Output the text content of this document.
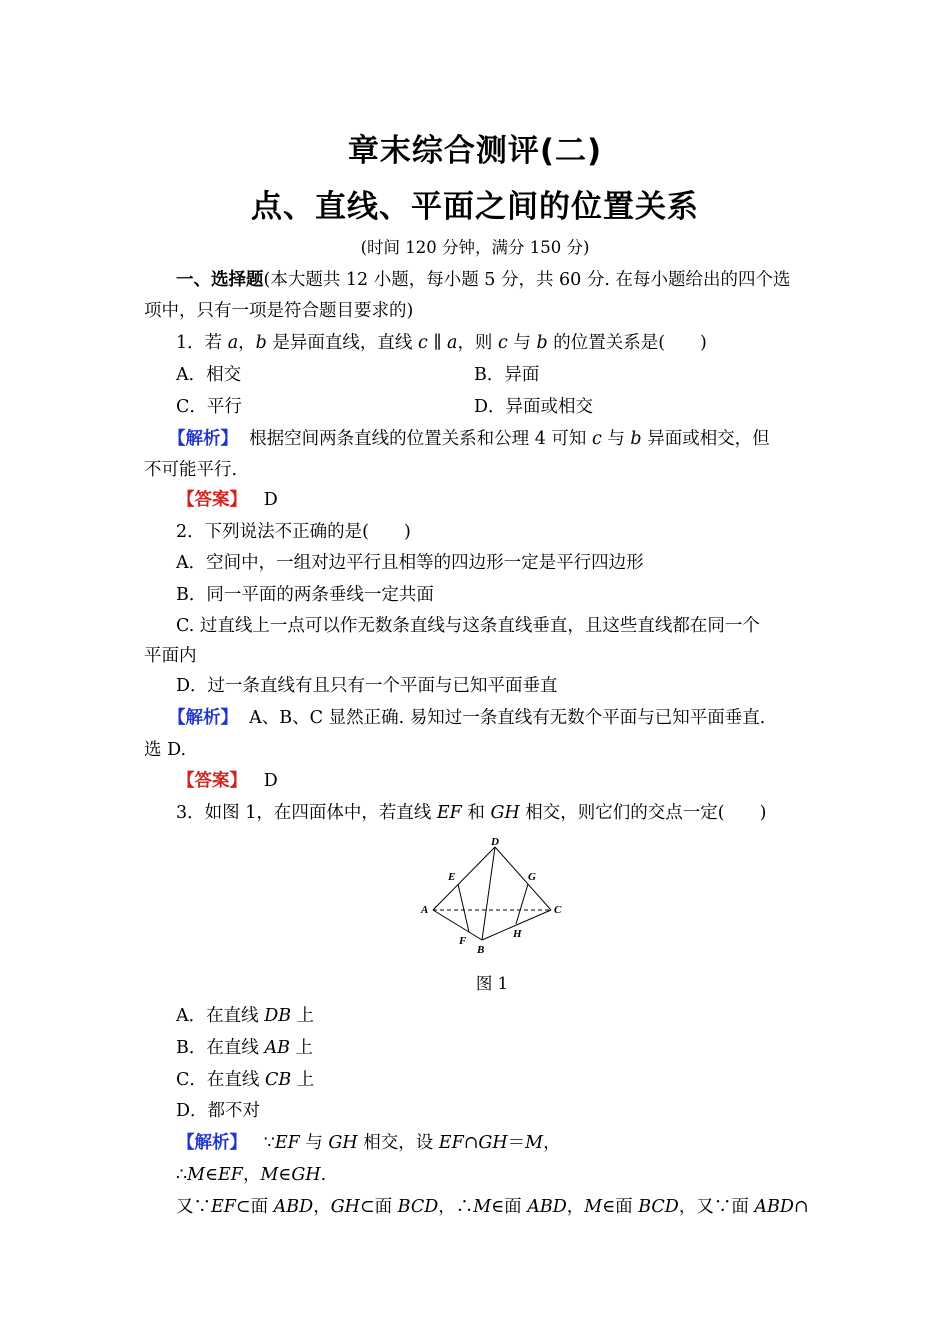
章末综合测评(二)
点、直线、平面之间的位置关系
(时间 120 分钟，满分 150 分)
一、选择题(本大题共 12 小题，每小题 5 分，共 60 分. 在每小题给出的四个选
项中，只有一项是符合题目要求的)
1．若 a，b 是异面直线，直线 c ∥ a，则 c 与 b 的位置关系是(　　)
A．相交	B．异面
C．平行	D．异面或相交
【解析】 根据空间两条直线的位置关系和公理 4 可知 c 与 b 异面或相交，但
不可能平行.
【答案】 D
2．下列说法不正确的是(　　)
A．空间中，一组对边平行且相等的四边形一定是平行四边形
B．同一平面的两条垂线一定共面
C. 过直线上一点可以作无数条直线与这条直线垂直，且这些直线都在同一个
平面内
D．过一条直线有且只有一个平面与已知平面垂直
【解析】 A、B、C 显然正确. 易知过一条直线有无数个平面与已知平面垂直.
选 D.
【答案】 D
3．如图 1，在四面体中，若直线 EF 和 GH 相交，则它们的交点一定(　　)
D
E	G
A	C
F
B
H
图 1
A．在直线 DB 上
B．在直线 AB 上
C．在直线 CB 上
D．都不对
【解析】 ∵EF 与 GH 相交，设 EF∩GH＝M，
∴M∈EF，M∈GH.
又∵EF⊂面 ABD，GH⊂面 BCD，∴M∈面 ABD，M∈面 BCD，又∵面 ABD∩
